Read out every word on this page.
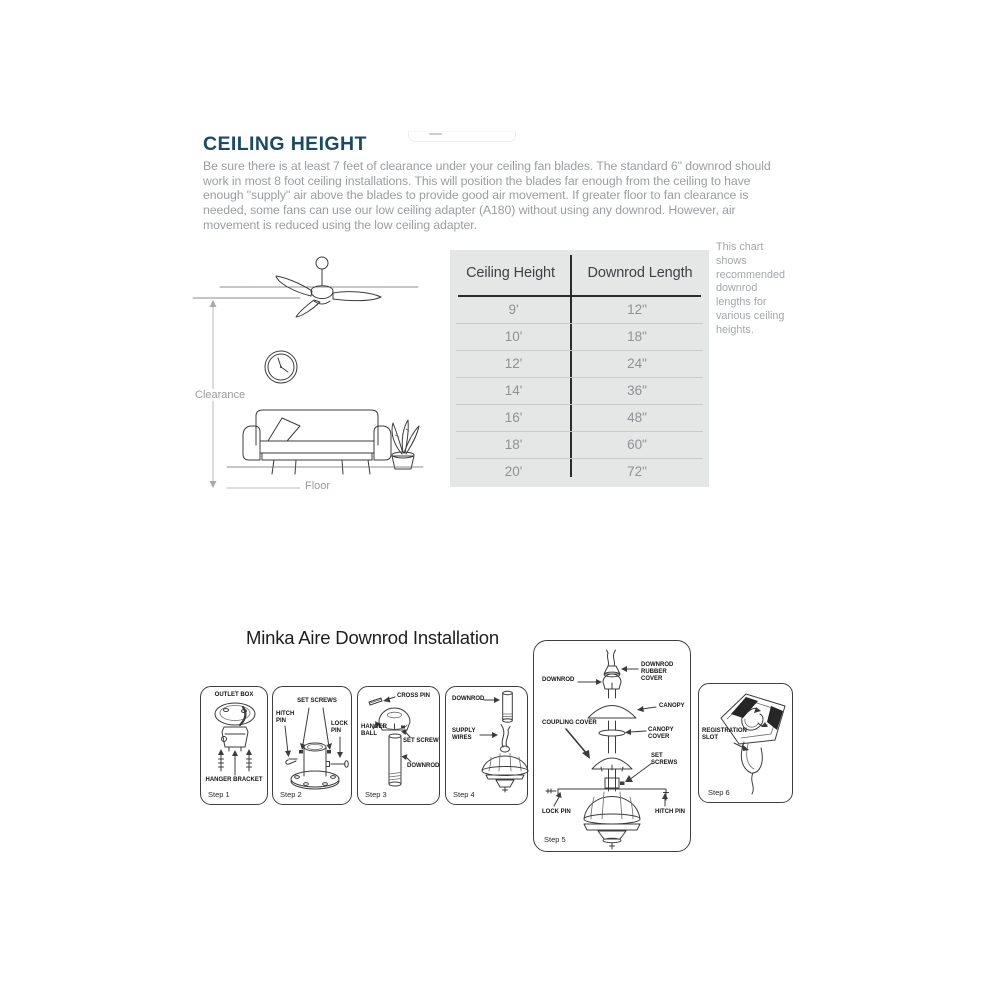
CEILING HEIGHT

Be sure there is at least 7 feet of clearance under your ceiling fan blades. The standard 6" downrod should work in most 8 foot ceiling installations. This will position the blades far enough from the ceiling to have enough "supply" air above the blades to provide good air movement. If greater floor to fan clearance is needed, some fans can use our low ceiling adapter (A180) without using any downrod. However, air movement is reduced using the low ceiling adapter.

Clearance
Floor
Ceiling Height	Downrod Length
9'	12"
10'	18"
12'	24"
14'	36"
16'	48"
18'	60"
20'	72"
This chart shows recommended downrod lengths for various ceiling heights.
Minka Aire Downrod Installation
OUTLET BOX
HANGER BRACKET
Step 1
SET SCREWS
HITCH PIN	LOCK PIN
Step 2
CROSS PIN
HANGER BALL
SET SCREW
DOWNROD
Step 3
DOWNROD
SUPPLY WIRES
Step 4
DOWNROD
DOWNROD RUBBER COVER
CANOPY
COUPLING COVER
CANOPY COVER
SET SCREWS
LOCK PIN	HITCH PIN
Step 5
REGISTRATION SLOT
Step 6
